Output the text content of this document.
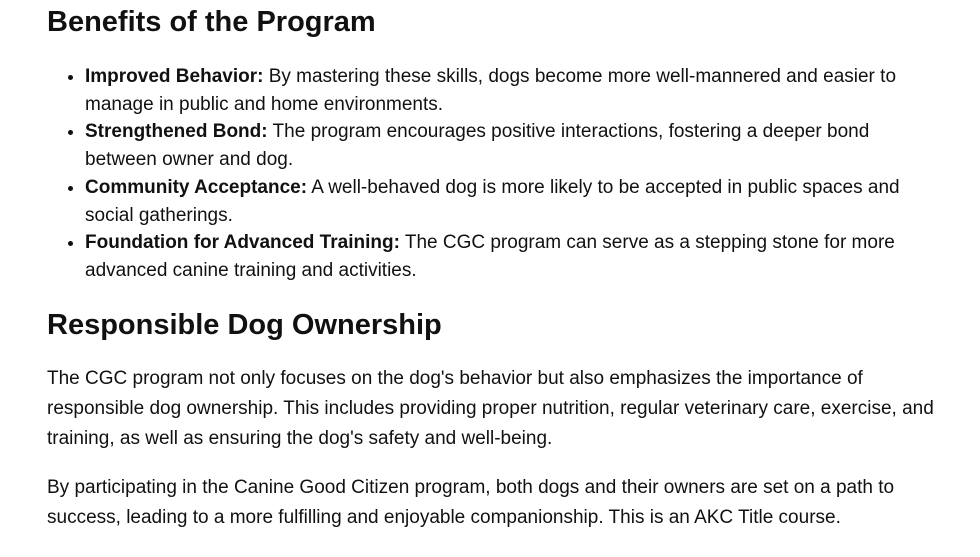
Benefits of the Program
• Improved Behavior: By mastering these skills, dogs become more well-mannered and easier to manage in public and home environments.
• Strengthened Bond: The program encourages positive interactions, fostering a deeper bond between owner and dog.
• Community Acceptance: A well-behaved dog is more likely to be accepted in public spaces and social gatherings.
• Foundation for Advanced Training: The CGC program can serve as a stepping stone for more advanced canine training and activities.
Responsible Dog Ownership

The CGC program not only focuses on the dog's behavior but also emphasizes the importance of responsible dog ownership. This includes providing proper nutrition, regular veterinary care, exercise, and training, as well as ensuring the dog's safety and well-being.

By participating in the Canine Good Citizen program, both dogs and their owners are set on a path to success, leading to a more fulfilling and enjoyable companionship. This is an AKC Title course.
